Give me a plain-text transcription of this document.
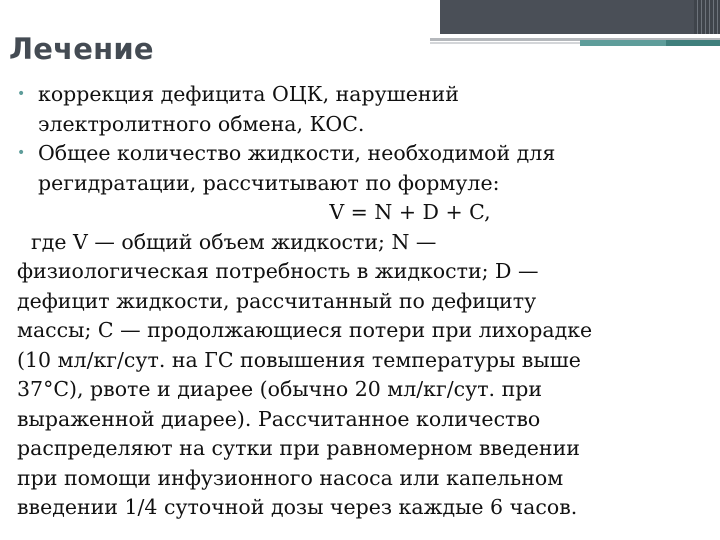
Лечение
• коррекция дефицита ОЦК, нарушений
электролитного обмена, КОС.
• Общее количество жидкости, необходимой для
регидратации, рассчитывают по формуле:
V = N + D + C,
где V — общий объем жидкости; N —
физиологическая потребность в жидкости; D —
дефицит жидкости, рассчитанный по дефициту
массы; С — продолжающиеся потери при лихорадке
(10 мл/кг/сут. на ГС повышения температуры выше
37°С), рвоте и диарее (обычно 20 мл/кг/сут. при
выраженной диарее). Рассчитанное количество
распределяют на сутки при равномерном введении
при помощи инфузионного насоса или капельном
введении 1/4 суточной дозы через каждые 6 часов.
